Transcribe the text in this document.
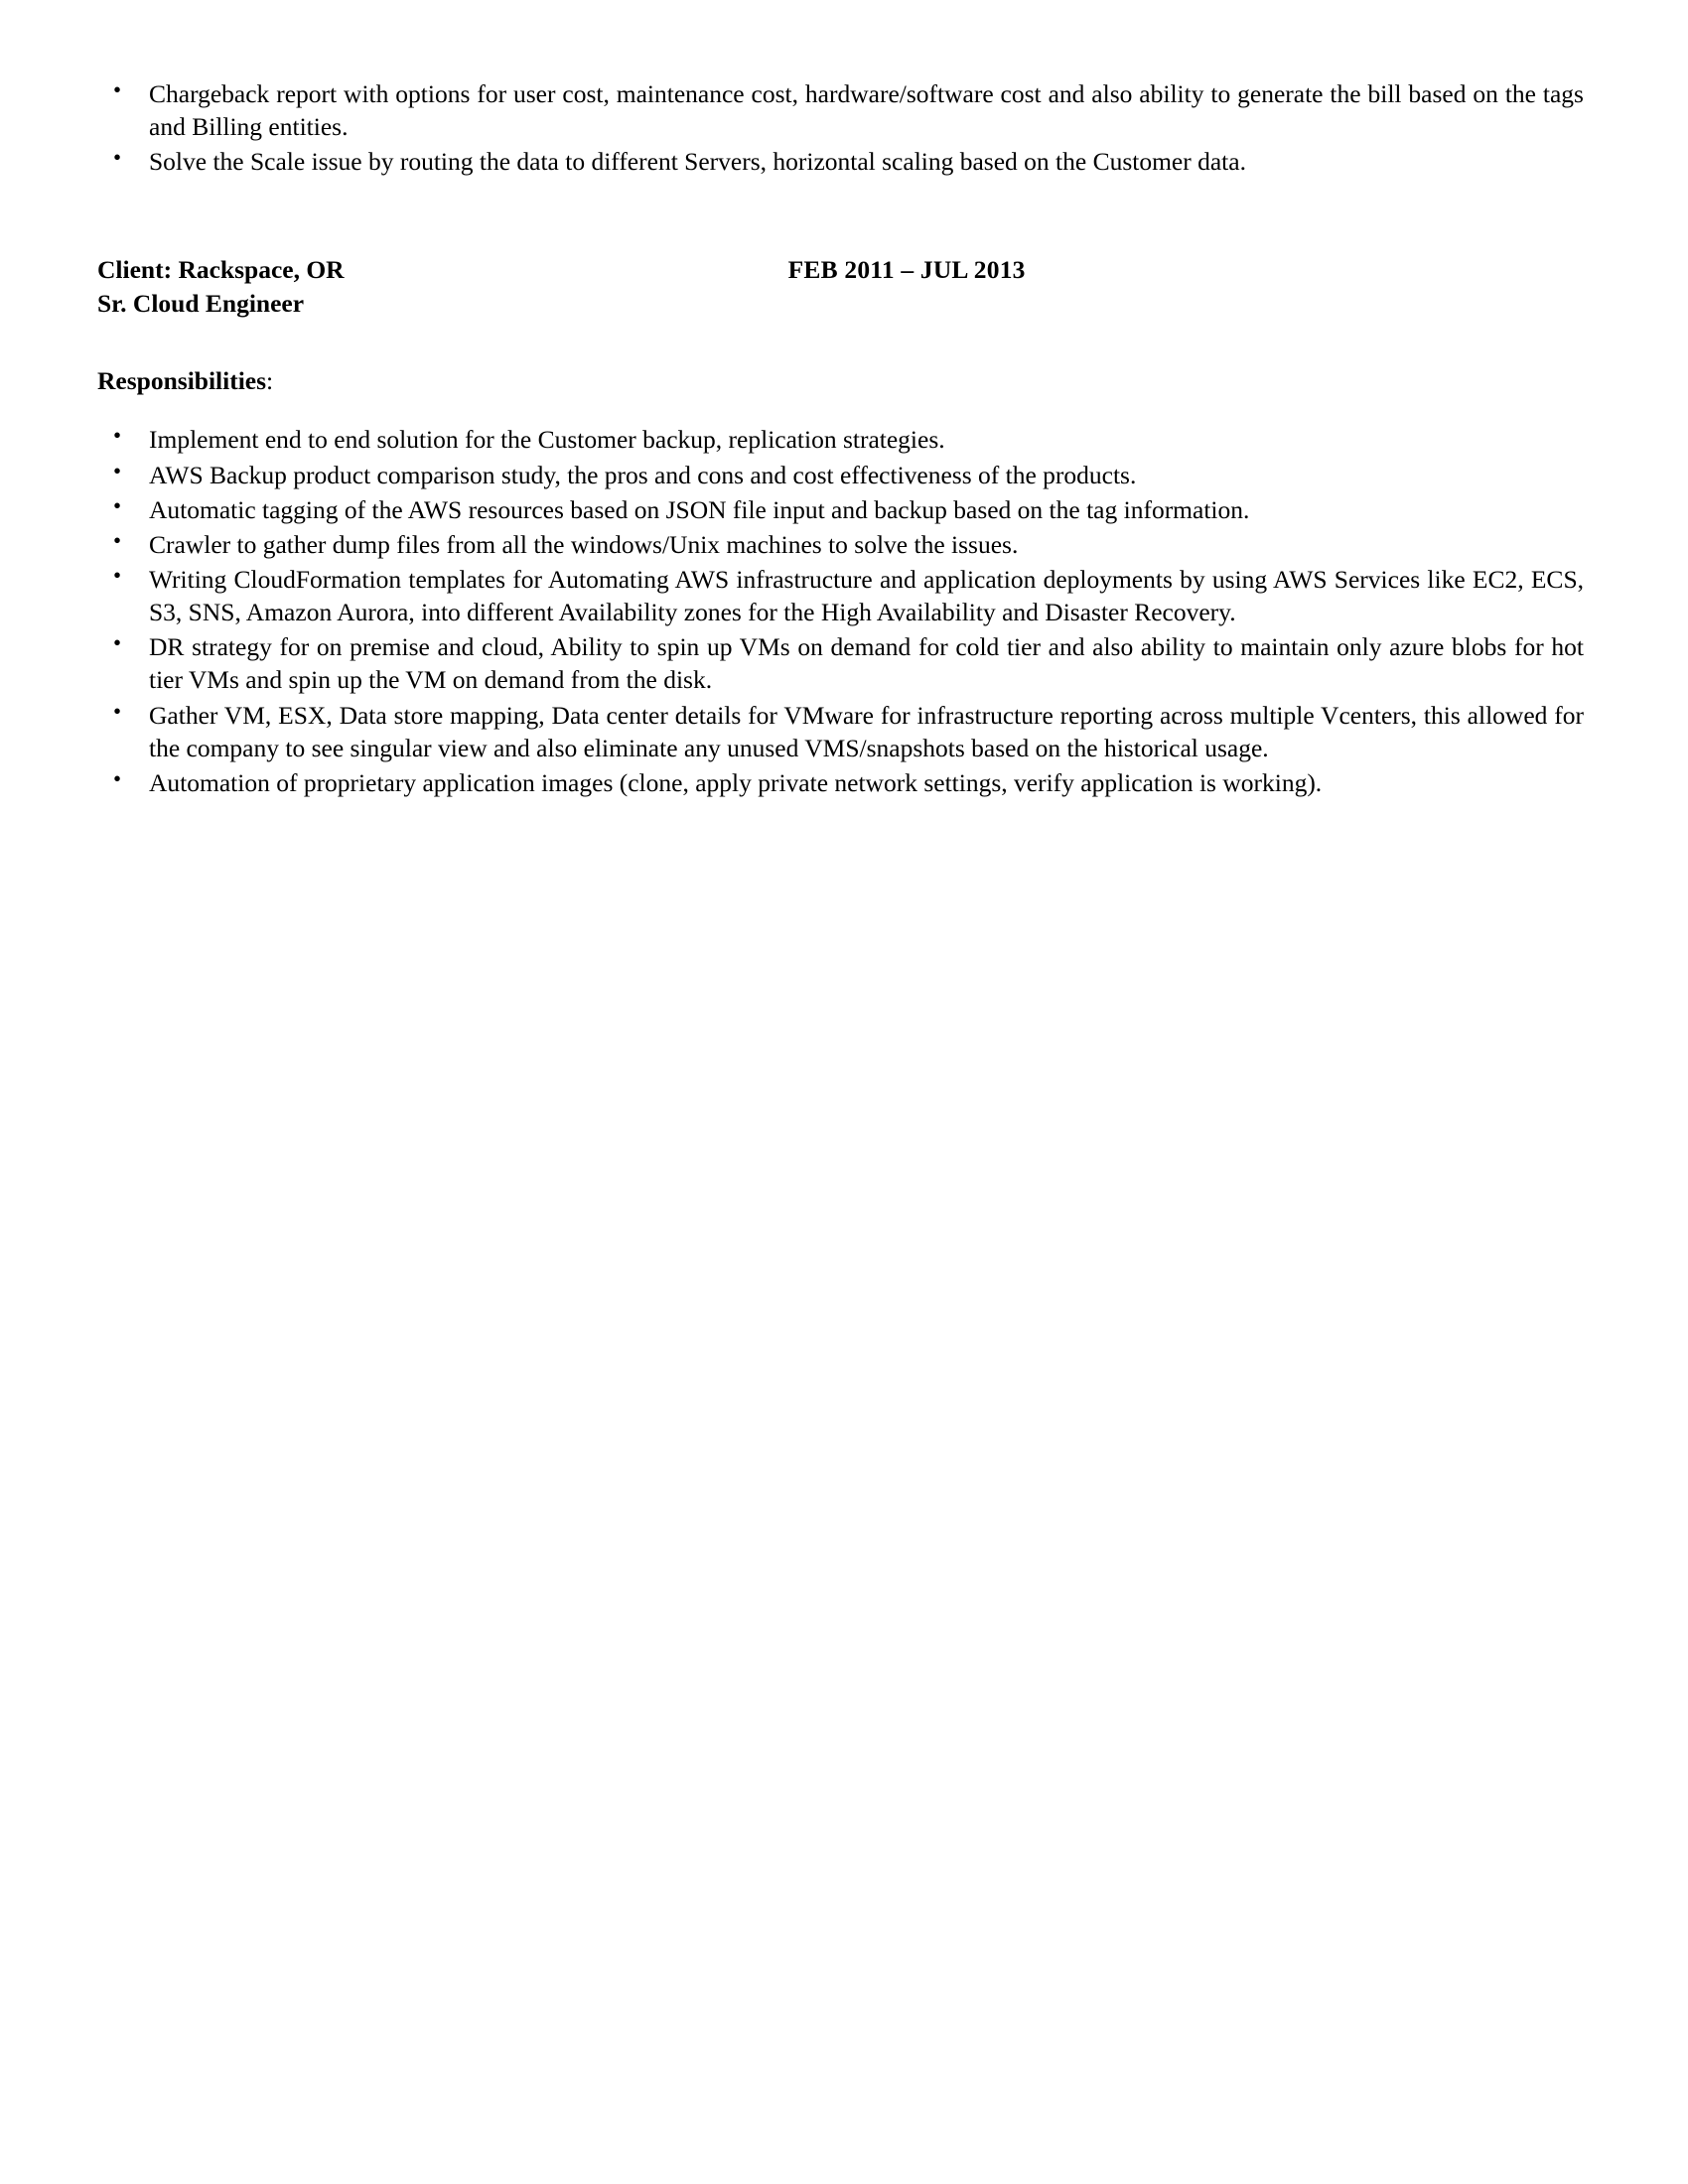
• Chargeback report with options for user cost, maintenance cost, hardware/software cost and also ability to generate the bill based on the tags and Billing entities.
• Solve the Scale issue by routing the data to different Servers, horizontal scaling based on the Customer data.
Client: Rackspace, OR	FEB 2011 – JUL 2013
Sr. Cloud Engineer
Responsibilities:
• Implement end to end solution for the Customer backup, replication strategies.
• AWS Backup product comparison study, the pros and cons and cost effectiveness of the products.
• Automatic tagging of the AWS resources based on JSON file input and backup based on the tag information.
• Crawler to gather dump files from all the windows/Unix machines to solve the issues.
• Writing CloudFormation templates for Automating AWS infrastructure and application deployments by using AWS Services like EC2, ECS, S3, SNS, Amazon Aurora, into different Availability zones for the High Availability and Disaster Recovery.
• DR strategy for on premise and cloud, Ability to spin up VMs on demand for cold tier and also ability to maintain only azure blobs for hot tier VMs and spin up the VM on demand from the disk.
• Gather VM, ESX, Data store mapping, Data center details for VMware for infrastructure reporting across multiple Vcenters, this allowed for the company to see singular view and also eliminate any unused VMS/snapshots based on the historical usage.
• Automation of proprietary application images (clone, apply private network settings, verify application is working).
